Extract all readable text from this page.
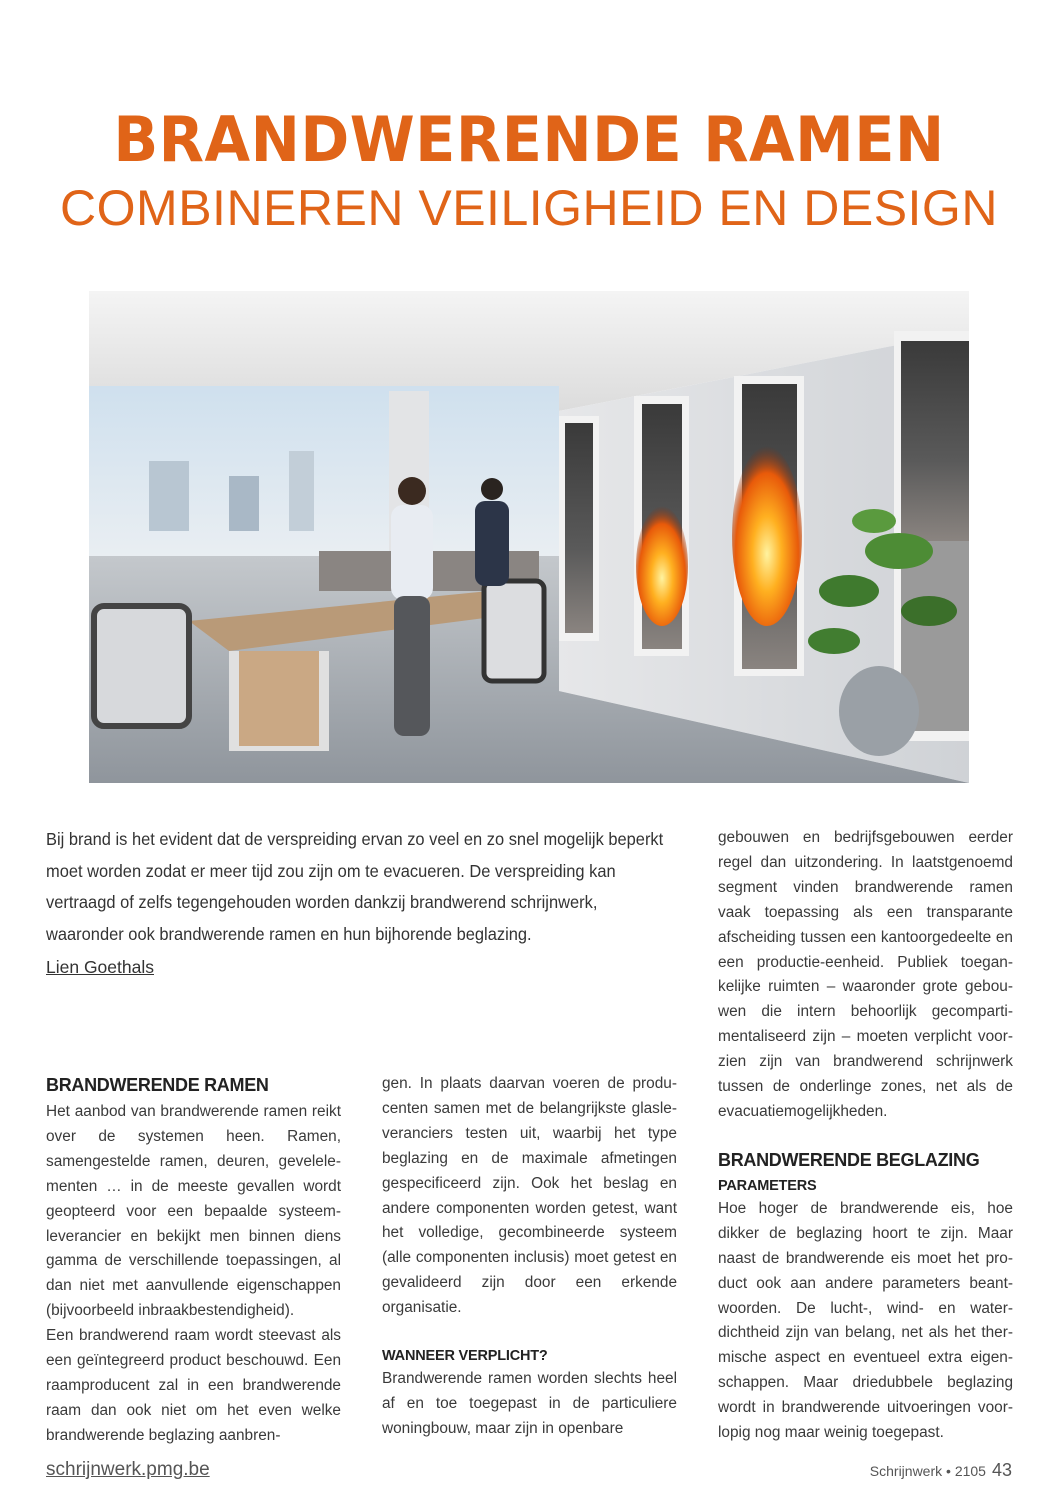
BRANDWERENDE RAMEN
COMBINEREN VEILIGHEID EN DESIGN
Bij brand is het evident dat de verspreiding ervan zo veel en zo snel mogelijk beperkt moet worden zodat er meer tijd zou zijn om te evacueren. De verspreiding kan vertraagd of zelfs tegengehouden worden dankzij brandwerend schrijnwerk, waaronder ook brandwerende ramen en hun bijhorende beglazing.
Lien Goethals
BRANDWERENDE RAMEN

Het aanbod van brandwerende ramen reikt over de systemen heen. Ramen, samengestelde ramen, deuren, gevelelementen … in de meeste gevallen wordt geopteerd voor een bepaalde systeemleverancier en bekijkt men binnen diens gamma de verschillende toepassingen, al dan niet met aanvullende eigenschappen (bijvoorbeeld inbraakbestendigheid).

Een brandwerend raam wordt steevast als een geïntegreerd product beschouwd. Een raamproducent zal in een brandwerende raam dan ook niet om het even welke brandwerende beglazing aanbren-

gen. In plaats daarvan voeren de producenten samen met de belangrijkste glasleveranciers testen uit, waarbij het type beglazing en de maximale afmetingen gespecificeerd zijn. Ook het beslag en andere componenten worden getest, want het volledige, gecombineerde systeem (alle componenten inclusis) moet getest en gevalideerd zijn door een erkende organisatie.

WANNEER VERPLICHT?

Brandwerende ramen worden slechts heel af en toe toegepast in de particuliere woningbouw, maar zijn in openbare

gebouwen en bedrijfsgebouwen eerder regel dan uitzondering. In laatstgenoemd segment vinden brandwerende ramen vaak toepassing als een transparante afscheiding tussen een kantoorgedeelte en een productie-eenheid. Publiek toegankelijke ruimten – waaronder grote gebouwen die intern behoorlijk gecompartimentaliseerd zijn – moeten verplicht voorzien zijn van brandwerend schrijnwerk tussen de onderlinge zones, net als de evacuatiemogelijkheden.

BRANDWERENDE BEGLAZING
PARAMETERS

Hoe hoger de brandwerende eis, hoe dikker de beglazing hoort te zijn. Maar naast de brandwerende eis moet het product ook aan andere parameters beantwoorden. De lucht-, wind- en waterdichtheid zijn van belang, net als het thermische aspect en eventueel extra eigenschappen. Maar driedubbele beglazing wordt in brandwerende uitvoeringen voorlopig nog maar weinig toegepast.

schrijnwerk.pmg.be	Schrijnwerk • 2105 43
